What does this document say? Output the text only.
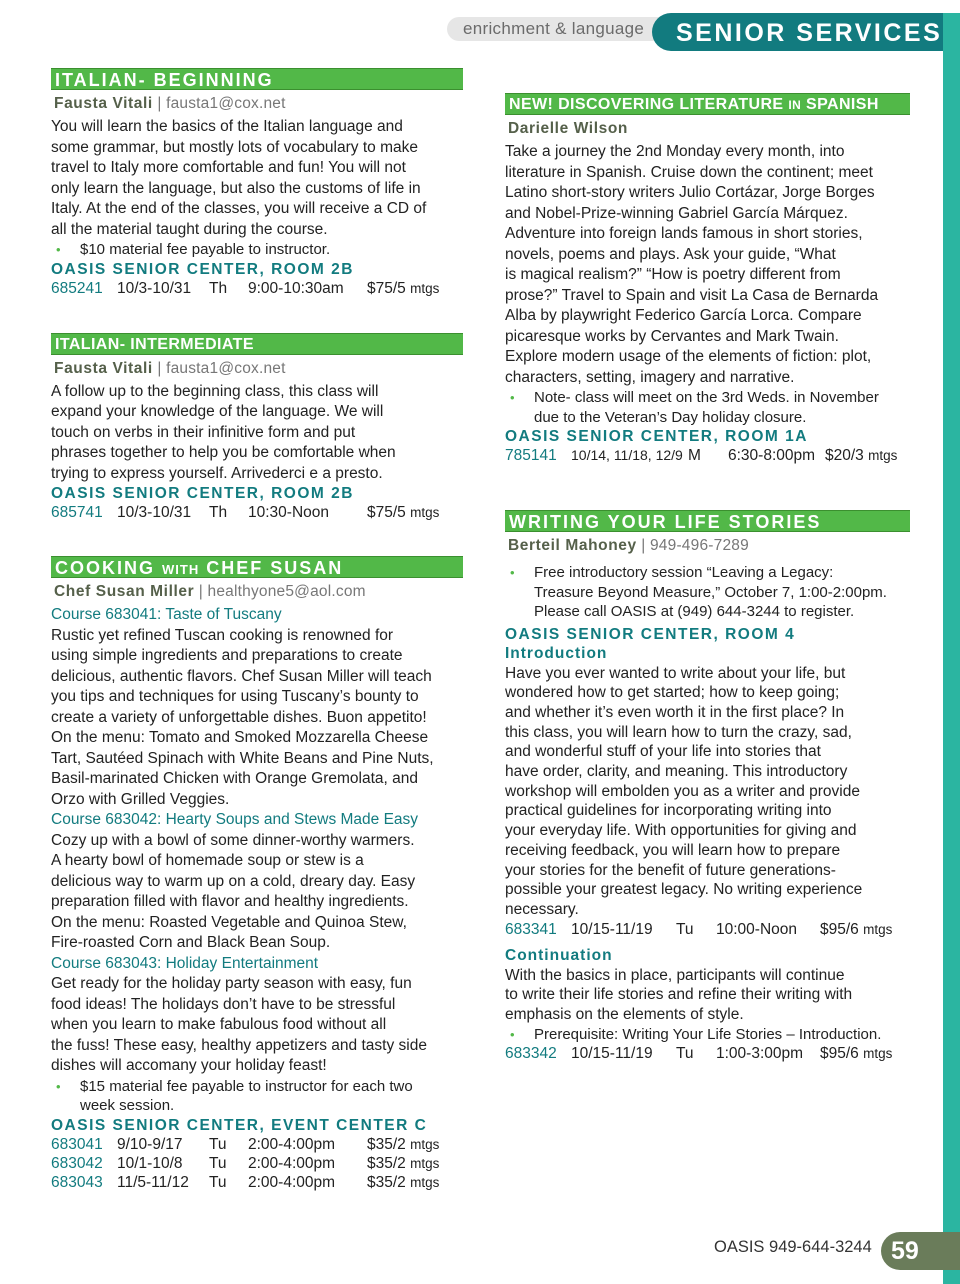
enrichment & language	SENIOR SERVICES
ITALIAN- BEGINNING
Fausta Vitali | fausta1@cox.net
You will learn the basics of the Italian language and
some grammar, but mostly lots of vocabulary to make
travel to Italy more comfortable and fun! You will not
only learn the language, but also the customs of life in
Italy. At the end of the classes, you will receive a CD of
all the material taught during the course.
• $10 material fee payable to instructor.
OASIS SENIOR CENTER, ROOM 2B
685241 10/3-10/31 Th 9:00-10:30am $75/5 mtgs
ITALIAN- INTERMEDIATE
Fausta Vitali | fausta1@cox.net
A follow up to the beginning class, this class will
expand your knowledge of the language. We will
touch on verbs in their infinitive form and put
phrases together to help you be comfortable when
trying to express yourself. Arrivederci e a presto.
OASIS SENIOR CENTER, ROOM 2B
685741 10/3-10/31 Th 10:30-Noon $75/5 mtgs
COOKING WITH CHEF SUSAN
Chef Susan Miller | healthyone5@aol.com
Course 683041: Taste of Tuscany
Rustic yet refined Tuscan cooking is renowned for
using simple ingredients and preparations to create
delicious, authentic flavors. Chef Susan Miller will teach
you tips and techniques for using Tuscany’s bounty to
create a variety of unforgettable dishes. Buon appetito!
On the menu: Tomato and Smoked Mozzarella Cheese
Tart, Sautéed Spinach with White Beans and Pine Nuts,
Basil-marinated Chicken with Orange Gremolata, and
Orzo with Grilled Veggies.
Course 683042: Hearty Soups and Stews Made Easy
Cozy up with a bowl of some dinner-worthy warmers.
A hearty bowl of homemade soup or stew is a
delicious way to warm up on a cold, dreary day. Easy
preparation filled with flavor and healthy ingredients.
On the menu: Roasted Vegetable and Quinoa Stew,
Fire-roasted Corn and Black Bean Soup.
Course 683043: Holiday Entertainment
Get ready for the holiday party season with easy, fun
food ideas! The holidays don’t have to be stressful
when you learn to make fabulous food without all
the fuss! These easy, healthy appetizers and tasty side
dishes will accomany your holiday feast!
• $15 material fee payable to instructor for each two
week session.
OASIS SENIOR CENTER, EVENT CENTER C
683041 9/10-9/17 Tu 2:00-4:00pm $35/2 mtgs
683042 10/1-10/8 Tu 2:00-4:00pm $35/2 mtgs
683043 11/5-11/12 Tu 2:00-4:00pm $35/2 mtgs
NEW! DISCOVERING LITERATURE IN SPANISH
Darielle Wilson
Take a journey the 2nd Monday every month, into
literature in Spanish. Cruise down the continent; meet
Latino short-story writers Julio Cortázar, Jorge Borges
and Nobel-Prize-winning Gabriel García Márquez.
Adventure into foreign lands famous in short stories,
novels, poems and plays. Ask your guide, “What
is magical realism?” “How is poetry different from
prose?” Travel to Spain and visit La Casa de Bernarda
Alba by playwright Federico García Lorca. Compare
picaresque works by Cervantes and Mark Twain.
Explore modern usage of the elements of fiction: plot,
characters, setting, imagery and narrative.
• Note- class will meet on the 3rd Weds. in November
due to the Veteran’s Day holiday closure.
OASIS SENIOR CENTER, ROOM 1A
785141 10/14, 11/18, 12/9 M 6:30-8:00pm $20/3 mtgs
WRITING YOUR LIFE STORIES
Berteil Mahoney | 949-496-7289
• Free introductory session “Leaving a Legacy:
Treasure Beyond Measure,” October 7, 1:00-2:00pm.
Please call OASIS at (949) 644-3244 to register.
OASIS SENIOR CENTER, ROOM 4
Introduction
Have you ever wanted to write about your life, but
wondered how to get started; how to keep going;
and whether it’s even worth it in the first place? In
this class, you will learn how to turn the crazy, sad,
and wonderful stuff of your life into stories that
have order, clarity, and meaning. This introductory
workshop will embolden you as a writer and provide
practical guidelines for incorporating writing into
your everyday life. With opportunities for giving and
receiving feedback, you will learn how to prepare
your stories for the benefit of future generations-
possible your greatest legacy. No writing experience
necessary.
683341 10/15-11/19 Tu 10:00-Noon $95/6 mtgs
Continuation
With the basics in place, participants will continue
to write their life stories and refine their writing with
emphasis on the elements of style.
• Prerequisite: Writing Your Life Stories – Introduction.
683342 10/15-11/19 Tu 1:00-3:00pm $95/6 mtgs
OASIS 949-644-3244 59
